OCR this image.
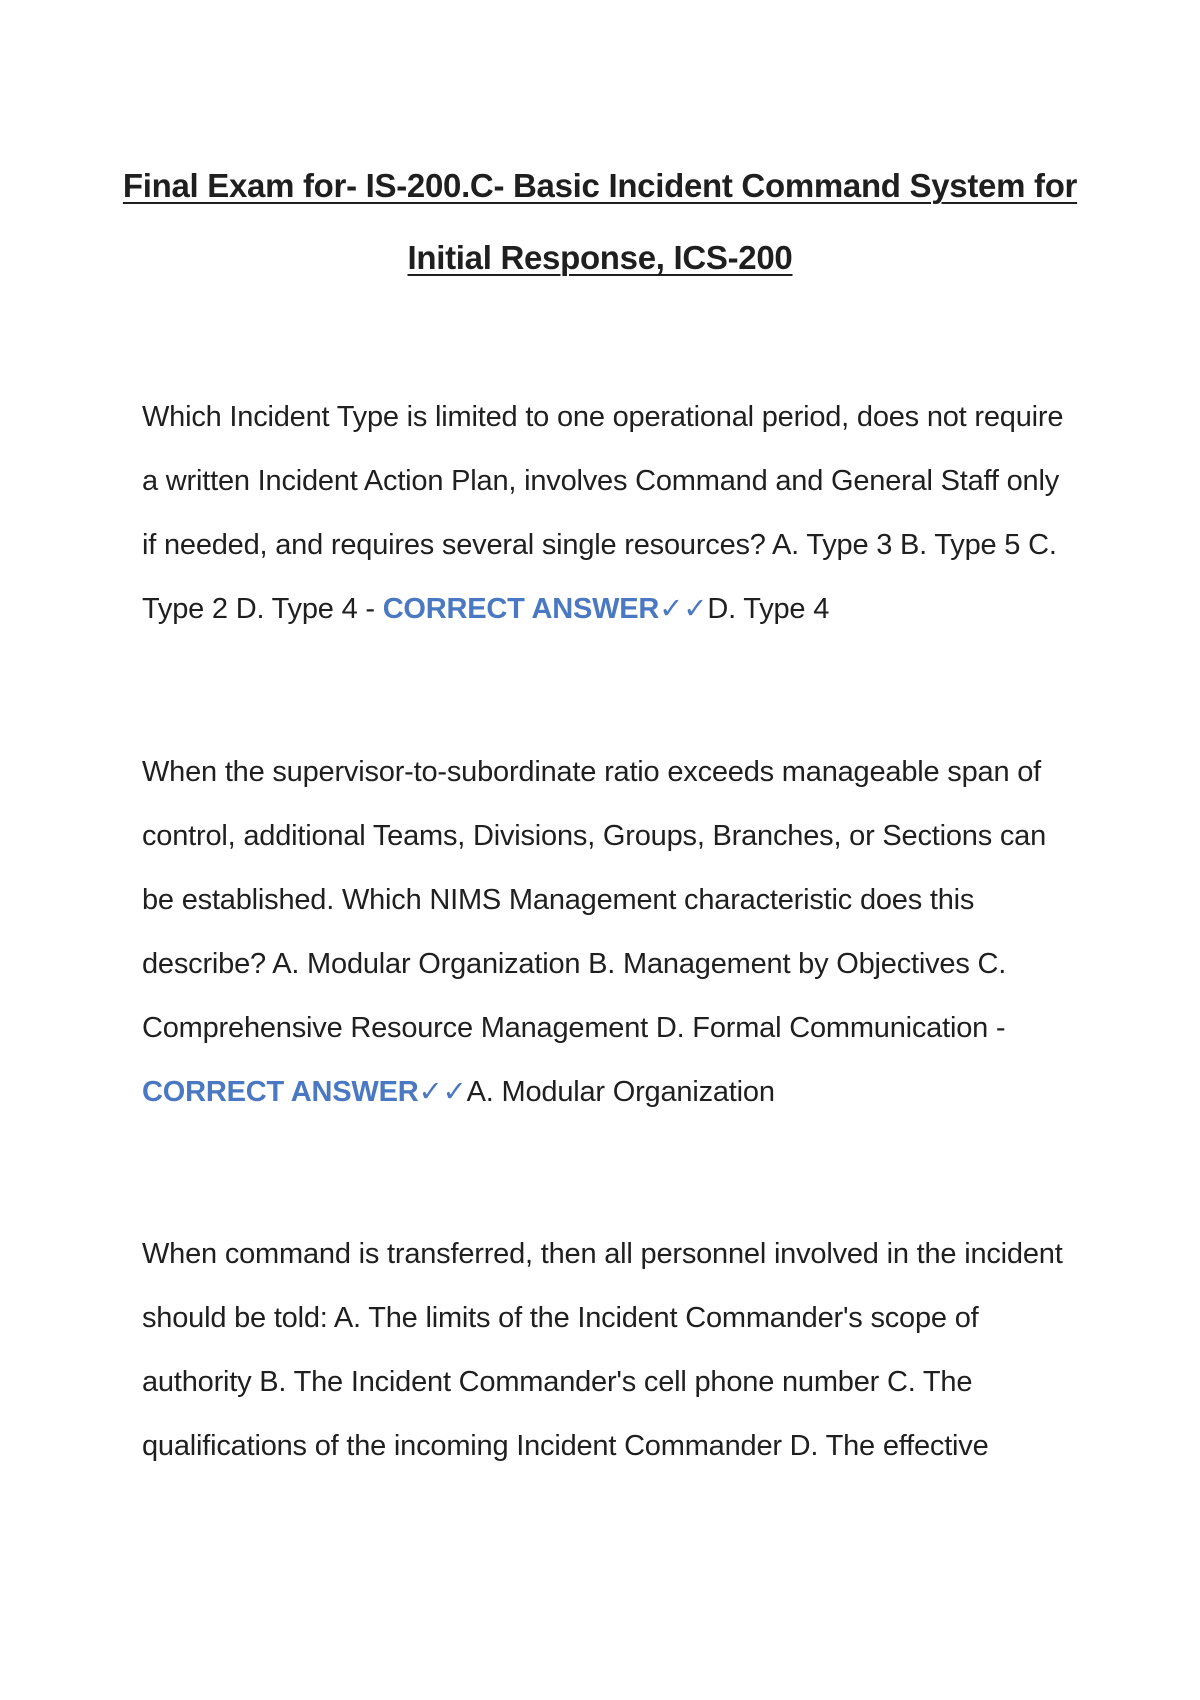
Final Exam for- IS-200.C- Basic Incident Command System for
Initial Response, ICS-200
Which Incident Type is limited to one operational period, does not require a written Incident Action Plan, involves Command and General Staff only if needed, and requires several single resources? A. Type 3 B. Type 5 C. Type 2 D. Type 4 - CORRECT ANSWER✓✓D. Type 4
When the supervisor-to-subordinate ratio exceeds manageable span of control, additional Teams, Divisions, Groups, Branches, or Sections can be established. Which NIMS Management characteristic does this describe? A. Modular Organization B. Management by Objectives C. Comprehensive Resource Management D. Formal Communication -
CORRECT ANSWER✓✓A. Modular Organization
When command is transferred, then all personnel involved in the incident should be told: A. The limits of the Incident Commander's scope of authority B. The Incident Commander's cell phone number C. The qualifications of the incoming Incident Commander D. The effective
